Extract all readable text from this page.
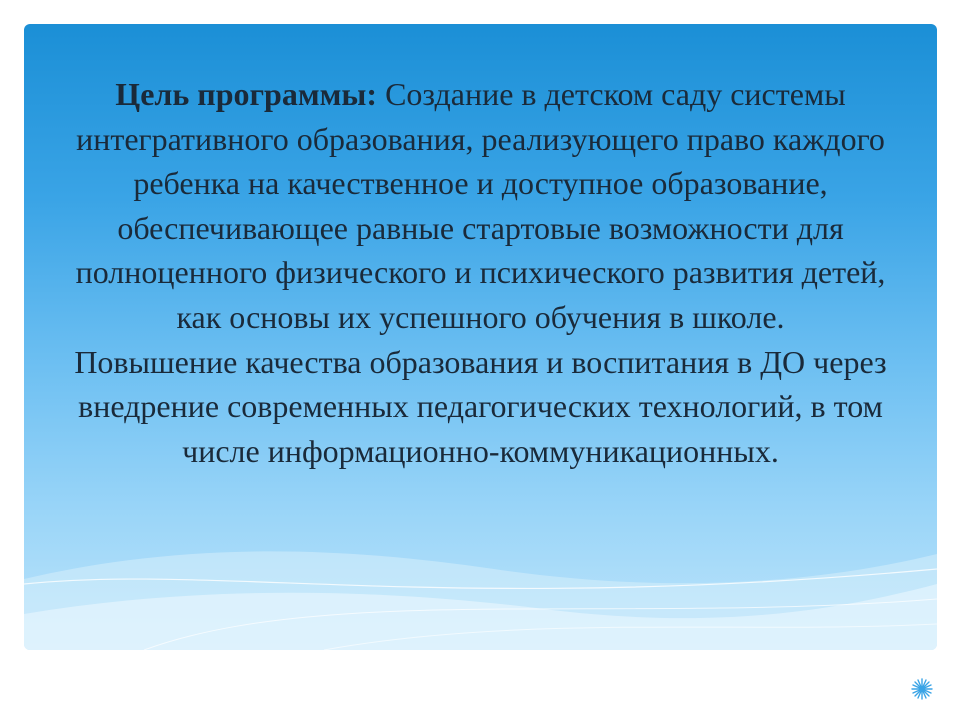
Цель программы: Создание в детском саду системы интегративного образования, реализующего право каждого ребенка на качественное и доступное образование, обеспечивающее равные стартовые возможности для полноценного физического и психического развития детей, как основы их успешного обучения в школе.

Повышение качества образования и воспитания в ДО через внедрение современных педагогических технологий, в том числе информационно-коммуникационных.
